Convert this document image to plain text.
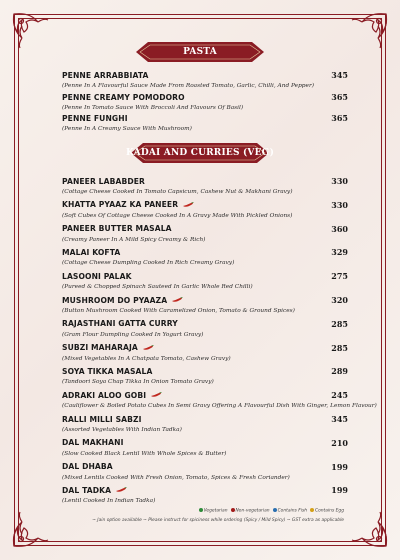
PASTA
PENNE ARRABBIATA
(Penne In A Flavourful Sauce Made From Roasted Tomato, Garlic, Chilli, And Pepper)
345
PENNE CREAMY POMODORO
(Penne In Tomato Sauce With Broccoli And Flavours Of Basil)
365
PENNE FUNGHI
(Penne In A Creamy Sauce With Mushroom)
365
KADAI AND CURRIES (VEG)
PANEER LABABDER
(Cottage Cheese Cooked In Tomato Capsicum, Cashew Nut & Makhani Gravy)
330
KHATTA PYAAZ KA PANEER
(Soft Cubes Of Cottage Cheese Cooked In A Gravy Made With Pickled Onions)
330
PANEER BUTTER MASALA
(Creamy Paneer In A Mild Spicy Creamy & Rich)
360
MALAI KOFTA
(Cottage Cheese Dumpling Cooked In Rich Creamy Gravy)
329
LASOONI PALAK
(Pureed & Chopped Spinach Sauteed In Garlic Whole Red Chilli)
275
MUSHROOM DO PYAAZA
(Button Mushroom Cooked With Caramelized Onion, Tomato & Ground Spices)
320
RAJASTHANI GATTA CURRY
(Gram Flour Dumpling Cooked In Yogurt Gravy)
285
SUBZI MAHARAJA
(Mixed Vegetables In A Chatpata Tomato, Cashew Gravy)
285
SOYA TIKKA MASALA
(Tandoori Soya Chap Tikka In Onion Tomato Gravy)
289
ADRAKI ALOO GOBI
(Cauliflower & Boiled Potato Cubes In Semi Gravy Offering A Flavourful Dish With Ginger, Lemon Flavour)
245
RALLI MILLI SABZI
(Assorted Vegetables With Indian Tadka)
345
DAL MAKHANI
(Slow Cooked Black Lentil With Whole Spices & Butter)
210
DAL DHABA
(Mixed Lentils Cooked With Fresh Onion, Tomato, Spices & Fresh Coriander)
199
DAL TADKA
(Lentil Cooked In Indian Tadka)
199
Vegetarian	Non-vegetarian	Contains Fish	Contains Egg
~ Jain option available ~ Please instruct for spiciness while ordering (Spicy / Mild Spicy) ~ GST extra as applicable
